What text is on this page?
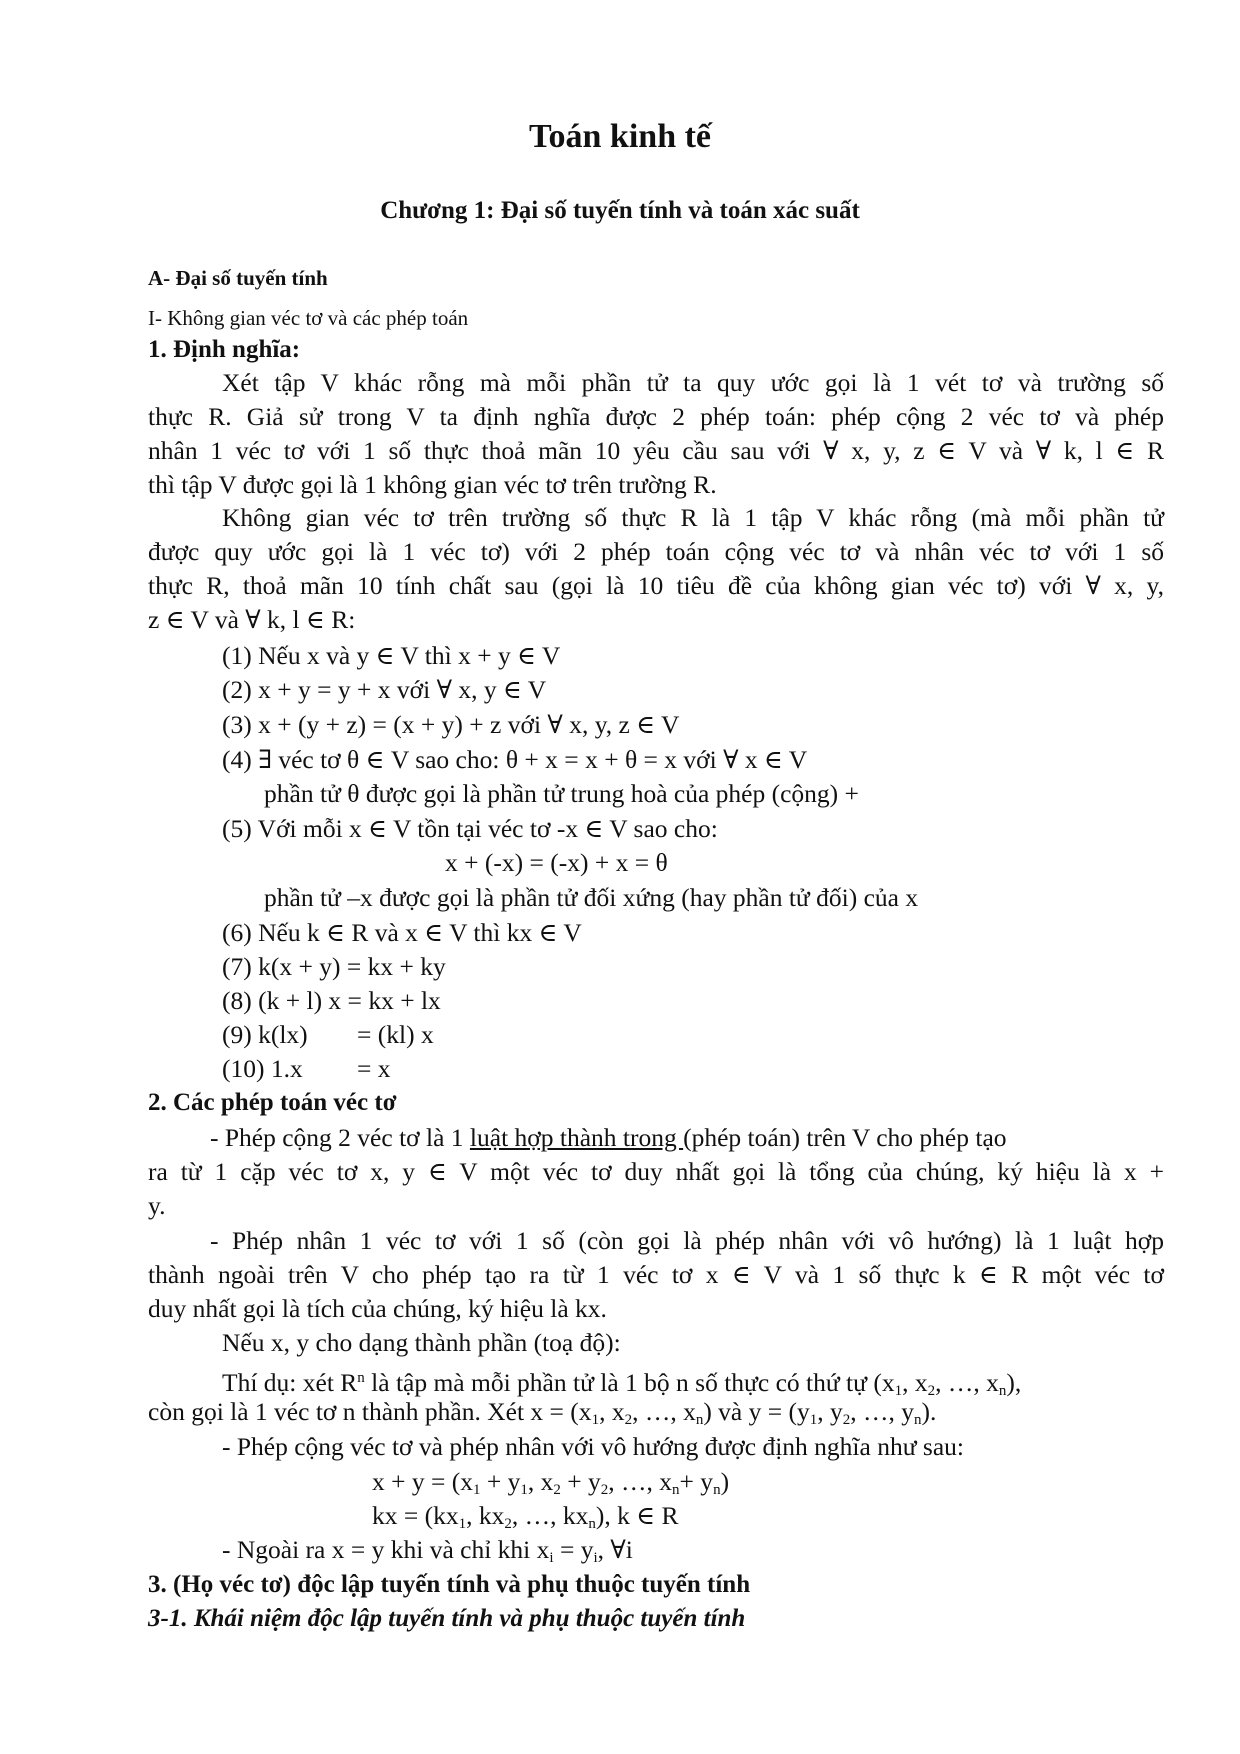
Toán kinh tế
Chương 1: Đại số tuyến tính và toán xác suất
A- Đại số tuyến tính
I- Không gian véc tơ và các phép toán
1. Định nghĩa:
Xét tập V khác rỗng mà mỗi phần tử ta quy ước gọi là 1 vét tơ và trường số
thực R. Giả sử trong V ta định nghĩa được 2 phép toán: phép cộng 2 véc tơ và phép
nhân 1 véc tơ với 1 số thực thoả mãn 10 yêu cầu sau với ∀ x, y, z ∈ V và ∀ k, l ∈ R
thì tập V được gọi là 1 không gian véc tơ trên trường R.
Không gian véc tơ trên trường số thực R là 1 tập V khác rỗng (mà mỗi phần tử
được quy ước gọi là 1 véc tơ) với 2 phép toán cộng véc tơ và nhân véc tơ với 1 số
thực R, thoả mãn 10 tính chất sau (gọi là 10 tiêu đề của không gian véc tơ) với ∀ x, y,
z ∈ V và ∀ k, l ∈ R:
(1) Nếu x và y ∈ V thì x + y ∈ V
(2) x + y = y + x với ∀ x, y ∈ V
(3) x + (y + z) = (x + y) + z với ∀ x, y, z ∈ V
(4) ∃ véc tơ θ ∈ V sao cho: θ + x = x + θ = x với ∀ x ∈ V
phần tử θ được gọi là phần tử trung hoà của phép (cộng) +
(5) Với mỗi x ∈ V tồn tại véc tơ -x ∈ V sao cho:
x + (-x) = (-x) + x = θ
phần tử –x được gọi là phần tử đối xứng (hay phần tử đối) của x
(6) Nếu k ∈ R và x ∈ V thì kx ∈ V
(7) k(x + y) = kx + ky
(8) (k + l) x = kx + lx
(9) k(lx) = (kl) x
(10) 1.x = x
2. Các phép toán véc tơ
- Phép cộng 2 véc tơ là 1 luật hợp thành trong (phép toán) trên V cho phép tạo
ra từ 1 cặp véc tơ x, y ∈ V một véc tơ duy nhất gọi là tổng của chúng, ký hiệu là x +
y.
- Phép nhân 1 véc tơ với 1 số (còn gọi là phép nhân với vô hướng) là 1 luật hợp
thành ngoài trên V cho phép tạo ra từ 1 véc tơ x ∈ V và 1 số thực k ∈ R một véc tơ
duy nhất gọi là tích của chúng, ký hiệu là kx.
Nếu x, y cho dạng thành phần (toạ độ):
Thí dụ: xét $R^n$ là tập mà mỗi phần tử là 1 bộ n số thực có thứ tự ($x_1$, $x_2$, …, $x_n$),
còn gọi là 1 véc tơ n thành phần. Xét $x = (x_1$, $x_2$, …, $x_n$) và $y = (y_1$, $y_2$, …, $y_n$).
- Phép cộng véc tơ và phép nhân với vô hướng được định nghĩa như sau:
$x + y = (x_1 + y_1$, $x_2 + y_2$, …, $x_n+ y_n$)
kx = ($kx_1$, $kx_2$, …, $kx_n$), k ∈ R
- Ngoài ra x = y khi và chỉ khi $x_i = y_i$, ∀i
3. (Họ véc tơ) độc lập tuyến tính và phụ thuộc tuyến tính
3-1. Khái niệm độc lập tuyến tính và phụ thuộc tuyến tính
